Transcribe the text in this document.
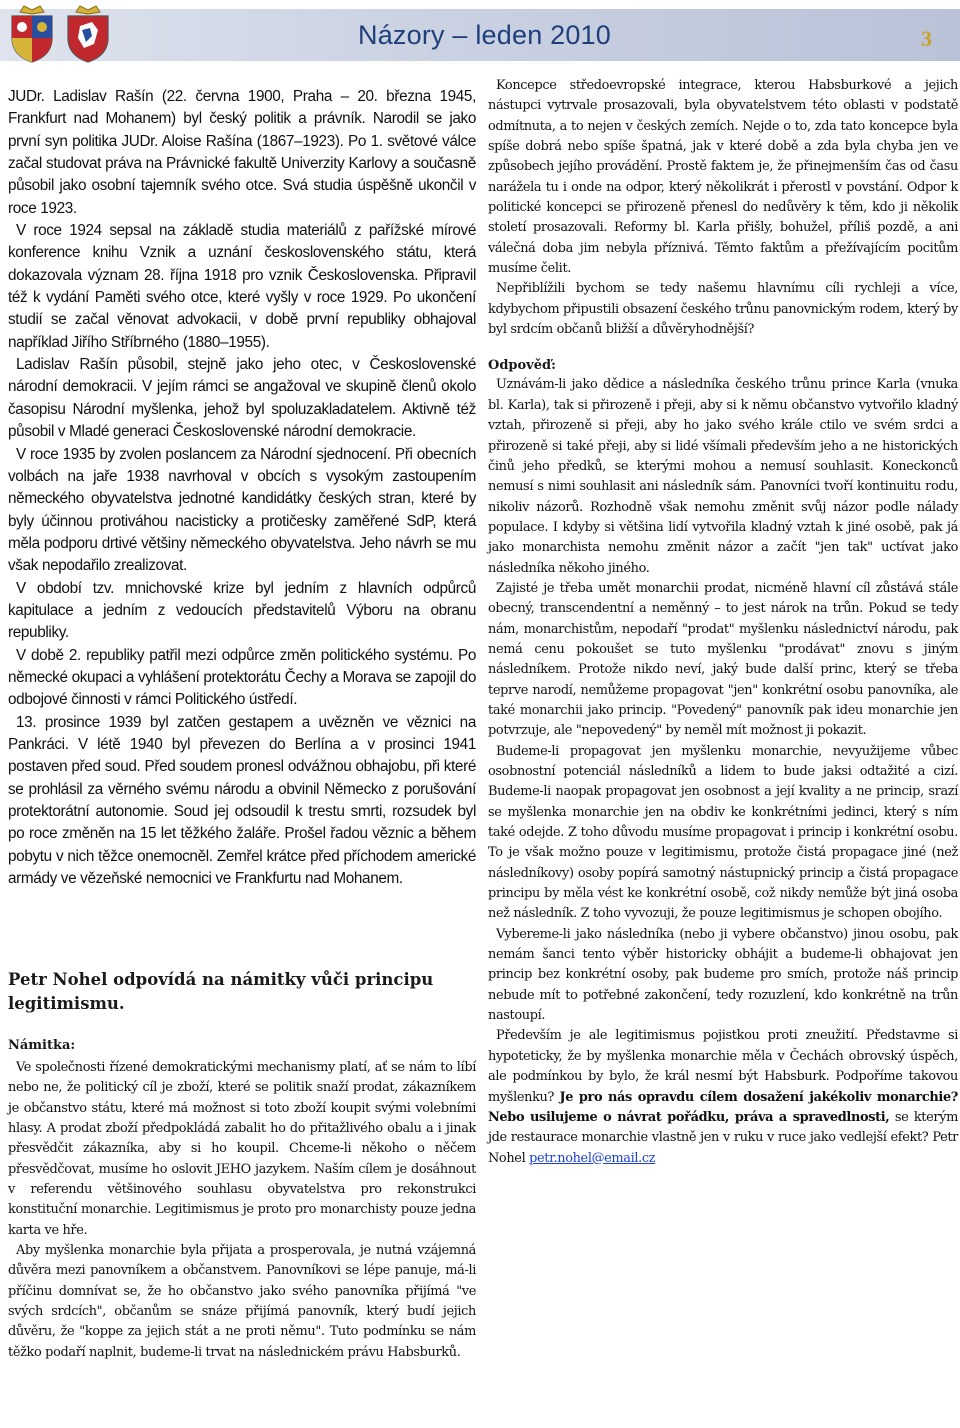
Názory – leden 2010	3

JUDr. Ladislav Rašín (22. června 1900, Praha – 20. března 1945, Frankfurt nad Mohanem) byl český politik a právník. Narodil se jako první syn politika JUDr. Aloise Rašína (1867–1923). Po 1. světové válce začal studovat práva na Právnické fakultě Univerzity Karlovy a současně působil jako osobní tajemník svého otce. Svá studia úspěšně ukončil v roce 1923.

V roce 1924 sepsal na základě studia materiálů z pařížské mírové konference knihu Vznik a uznání československého státu, která dokazovala význam 28. října 1918 pro vznik Československa. Připravil též k vydání Paměti svého otce, které vyšly v roce 1929. Po ukončení studií se začal věnovat advokacii, v době první republiky obhajoval například Jiřího Stříbrného (1880–1955).

Ladislav Rašín působil, stejně jako jeho otec, v Československé národní demokracii. V jejím rámci se angažoval ve skupině členů okolo časopisu Národní myšlenka, jehož byl spoluzakladatelem. Aktivně též působil v Mladé generaci Československé národní demokracie.

V roce 1935 by zvolen poslancem za Národní sjednocení. Při obecních volbách na jaře 1938 navrhoval v obcích s vysokým zastoupením německého obyvatelstva jednotné kandidátky českých stran, které by byly účinnou protiváhou nacisticky a protičesky zaměřené SdP, která měla podporu drtivé většiny německého obyvatelstva. Jeho návrh se mu však nepodařilo zrealizovat.

V období tzv. mnichovské krize byl jedním z hlavních odpůrců kapitulace a jedním z vedoucích představitelů Výboru na obranu republiky.

V době 2. republiky patřil mezi odpůrce změn politického systému. Po německé okupaci a vyhlášení protektorátu Čechy a Morava se zapojil do odbojové činnosti v rámci Politického ústředí.

13. prosince 1939 byl zatčen gestapem a uvězněn ve věznici na Pankráci. V létě 1940 byl převezen do Berlína a v prosinci 1941 postaven před soud. Před soudem pronesl odvážnou obhajobu, při které se prohlásil za věrného svému národu a obvinil Německo z porušování protektorátní autonomie. Soud jej odsoudil k trestu smrti, rozsudek byl po roce změněn na 15 let těžkého žaláře. Prošel řadou věznic a během pobytu v nich těžce onemocněl. Zemřel krátce před příchodem americké armády ve vězeňské nemocnici ve Frankfurtu nad Mohanem.

Petr Nohel odpovídá na námitky vůči principu legitimismu.
Námitka:

Ve společnosti řízené demokratickými mechanismy platí, ať se nám to líbí nebo ne, že politický cíl je zboží, které se politik snaží prodat, zákazníkem je občanstvo státu, které má možnost si toto zboží koupit svými volebními hlasy. A prodat zboží předpokládá zabalit ho do přitažlivého obalu a i jinak přesvědčit zákazníka, aby si ho koupil. Chceme-li někoho o něčem přesvědčovat, musíme ho oslovit JEHO jazykem. Naším cílem je dosáhnout v referendu většinového souhlasu obyvatelstva pro rekonstrukci konstituční monarchie. Legitimismus je proto pro monarchisty pouze jedna karta ve hře.

Aby myšlenka monarchie byla přijata a prosperovala, je nutná vzájemná důvěra mezi panovníkem a občanstvem. Panovníkovi se lépe panuje, má-li příčinu domnívat se, že ho občanstvo jako svého panovníka přijímá "ve svých srdcích", občanům se snáze přijímá panovník, který budí jejich důvěru, že "koppe za jejich stát a ne proti němu". Tuto podmínku se nám těžko podaří naplnit, budeme-li trvat na následnickém právu Habsburků.

Koncepce středoevropské integrace, kterou Habsburkové a jejich nástupci vytrvale prosazovali, byla obyvatelstvem této oblasti v podstatě odmítnuta, a to nejen v českých zemích. Nejde o to, zda tato koncepce byla spíše dobrá nebo spíše špatná, jak v které době a zda byla chyba jen ve způsobech jejího provádění. Prostě faktem je, že přinejmenším čas od času narážela tu i onde na odpor, který několikrát i přerostl v povstání. Odpor k politické koncepci se přirozeně přenesl do nedůvěry k těm, kdo ji několik století prosazovali. Reformy bl. Karla přišly, bohužel, příliš pozdě, a ani válečná doba jim nebyla příznivá. Těmto faktům a přežívajícím pocitům musíme čelit.

Nepřiblížili bychom se tedy našemu hlavnímu cíli rychleji a více, kdybychom připustili obsazení českého trůnu panovnickým rodem, který by byl srdcím občanů bližší a důvěryhodnější?

Odpověď:

Uznávám-li jako dědice a následníka českého trůnu prince Karla (vnuka bl. Karla), tak si přirozeně i přeji, aby si k němu občanstvo vytvořilo kladný vztah, přirozeně si přeji, aby ho jako svého krále ctilo ve svém srdci a přirozeně si také přeji, aby si lidé všímali především jeho a ne historických činů jeho předků, se kterými mohou a nemusí souhlasit. Koneckonců nemusí s nimi souhlasit ani následník sám. Panovníci tvoří kontinuitu rodu, nikoliv názorů. Rozhodně však nemohu změnit svůj názor podle nálady populace. I kdyby si většina lidí vytvořila kladný vztah k jiné osobě, pak já jako monarchista nemohu změnit názor a začít "jen tak" uctívat jako následníka někoho jiného.

Zajisté je třeba umět monarchii prodat, nicméně hlavní cíl zůstává stále obecný, transcendentní a neměnný – to jest nárok na trůn. Pokud se tedy nám, monarchistům, nepodaří "prodat" myšlenku následnictví národu, pak nemá cenu pokoušet se tuto myšlenku "prodávat" znovu s jiným následníkem. Protože nikdo neví, jaký bude další princ, který se třeba teprve narodí, nemůžeme propagovat "jen" konkrétní osobu panovníka, ale také monarchii jako princip. "Povedený" panovník pak ideu monarchie jen potvrzuje, ale "nepovedený" by neměl mít možnost ji pokazit.

Budeme-li propagovat jen myšlenku monarchie, nevyužijeme vůbec osobnostní potenciál následníků a lidem to bude jaksi odtažité a cizí. Budeme-li naopak propagovat jen osobnost a její kvality a ne princip, srazí se myšlenka monarchie jen na obdiv ke konkrétními jedinci, který s ním také odejde. Z toho důvodu musíme propagovat i princip i konkrétní osobu. To je však možno pouze v legitimismu, protože čistá propagace jiné (než následníkovy) osoby popírá samotný nástupnický princip a čistá propagace principu by měla vést ke konkrétní osobě, což nikdy nemůže být jiná osoba než následník. Z toho vyvozuji, že pouze legitimismus je schopen obojího.

Vybereme-li jako následníka (nebo ji vybere občanstvo) jinou osobu, pak nemám šanci tento výběr historicky obhájit a budeme-li obhajovat jen princip bez konkrétní osoby, pak budeme pro smích, protože náš princip nebude mít to potřebné zakončení, tedy rozuzlení, kdo konkrétně na trůn nastoupí.

Především je ale legitimismus pojistkou proti zneužití. Představme si hypoteticky, že by myšlenka monarchie měla v Čechách obrovský úspěch, ale podmínkou by bylo, že král nesmí být Habsburk. Podpoříme takovou myšlenku? Je pro nás opravdu cílem dosažení jakékoliv monarchie? Nebo usilujeme o návrat pořádku, práva a spravedlnosti, se kterým jde restaurace monarchie vlastně jen v ruku v ruce jako vedlejší efekt? Petr Nohel petr.nohel@email.cz
